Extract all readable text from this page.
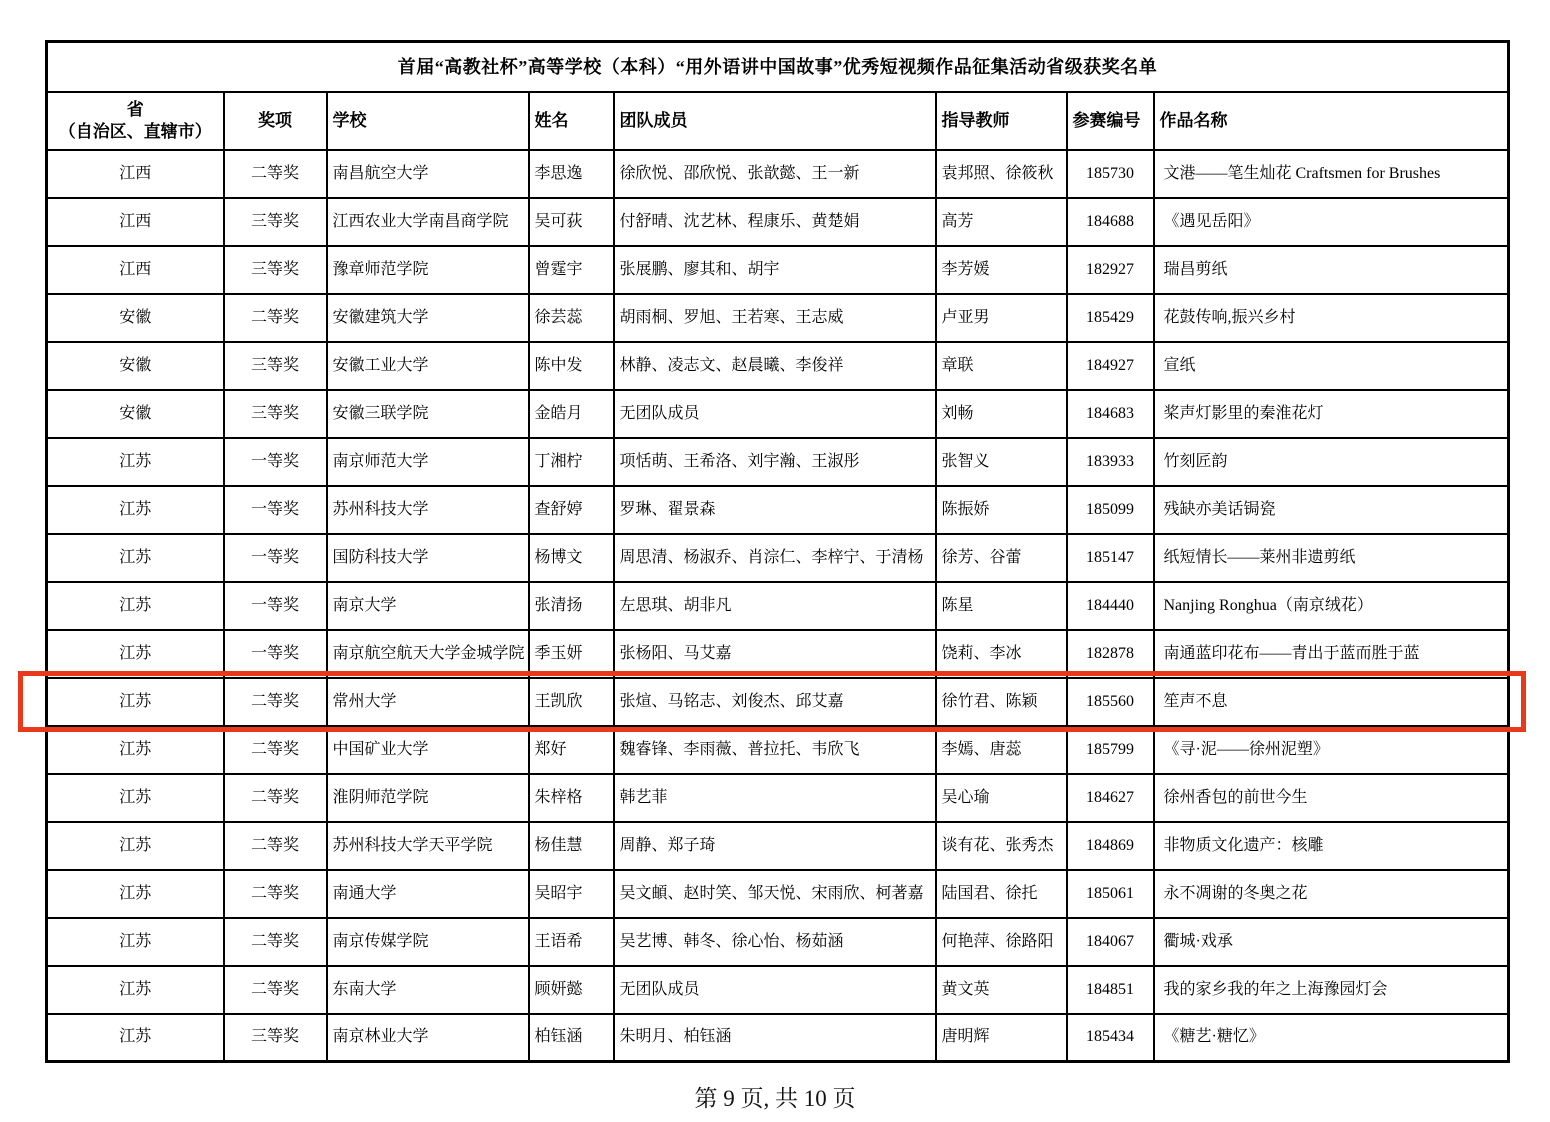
首届“高教社杯”高等学校（本科）“用外语讲中国故事”优秀短视频作品征集活动省级获奖名单							

省
（自治区、直辖市）	奖项	学校	姓名	团队成员	指导教师	参赛编号	作品名称
江西	二等奖	南昌航空大学	李思逸	徐欣悦、邵欣悦、张歆懿、王一新	袁邦照、徐筱秋	185730	文港——笔生灿花 Craftsmen for Brushes
江西	三等奖	江西农业大学南昌商学院	吴可荻	付舒晴、沈艺林、程康乐、黄楚娟	高芳	184688	《遇见岳阳》
江西	三等奖	豫章师范学院	曾霆宇	张展鹏、廖其和、胡宇	李芳媛	182927	瑞昌剪纸
安徽	二等奖	安徽建筑大学	徐芸蕊	胡雨桐、罗旭、王若寒、王志威	卢亚男	185429	花鼓传响,振兴乡村
安徽	三等奖	安徽工业大学	陈中发	林静、凌志文、赵晨曦、李俊祥	章联	184927	宣纸
安徽	三等奖	安徽三联学院	金皓月	无团队成员	刘畅	184683	桨声灯影里的秦淮花灯
江苏	一等奖	南京师范大学	丁湘柠	项恬萌、王希洛、刘宇瀚、王淑彤	张智义	183933	竹刻匠韵
江苏	一等奖	苏州科技大学	查舒婷	罗琳、翟景森	陈振娇	185099	残缺亦美话锔瓷
江苏	一等奖	国防科技大学	杨博文	周思清、杨淑乔、肖淙仁、李梓宁、于清杨	徐芳、谷蕾	185147	纸短情长——莱州非遗剪纸
江苏	一等奖	南京大学	张清扬	左思琪、胡非凡	陈星	184440	Nanjing Ronghua（南京绒花）
江苏	一等奖	南京航空航天大学金城学院	季玉妍	张杨阳、马艾嘉	饶莉、李冰	182878	南通蓝印花布——青出于蓝而胜于蓝
江苏	二等奖	常州大学	王凯欣	张煊、马铭志、刘俊杰、邱艾嘉	徐竹君、陈颖	185560	笙声不息
江苏	二等奖	中国矿业大学	郑好	魏睿锋、李雨薇、普拉托、韦欣飞	李嫣、唐蕊	185799	《寻·泥——徐州泥塑》
江苏	二等奖	淮阴师范学院	朱梓格	韩艺菲	吴心瑜	184627	徐州香包的前世今生
江苏	二等奖	苏州科技大学天平学院	杨佳慧	周静、郑子琦	谈有花、张秀杰	184869	非物质文化遗产：核雕
江苏	二等奖	南通大学	吴昭宇	吴文頔、赵时笑、邹天悦、宋雨欣、柯著嘉	陆国君、徐托	185061	永不凋谢的冬奥之花
江苏	二等奖	南京传媒学院	王语希	吴艺博、韩冬、徐心怡、杨茹涵	何艳萍、徐路阳	184067	衢城·戏承
江苏	二等奖	东南大学	顾妍懿	无团队成员	黄文英	184851	我的家乡我的年之上海豫园灯会
江苏	三等奖	南京林业大学	柏钰涵	朱明月、柏钰涵	唐明辉	185434	《糖艺·糖忆》
第 9 页, 共 10 页
